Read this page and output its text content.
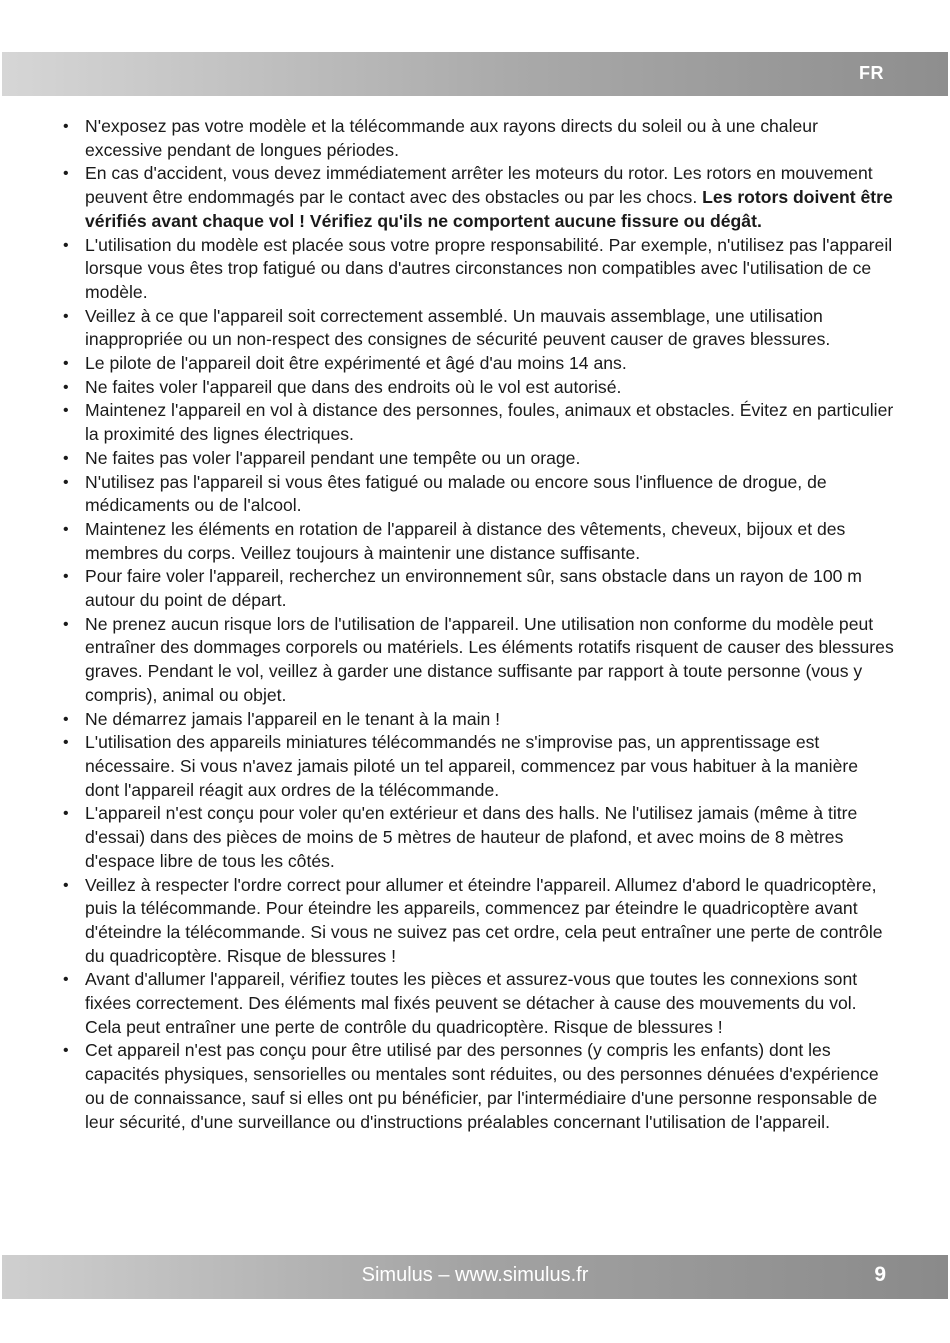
FR
• N'exposez pas votre modèle et la télécommande aux rayons directs du soleil ou à une chaleur excessive pendant de longues périodes.
• En cas d'accident, vous devez immédiatement arrêter les moteurs du rotor. Les rotors en mouvement peuvent être endommagés par le contact avec des obstacles ou par les chocs. Les rotors doivent être vérifiés avant chaque vol ! Vérifiez qu'ils ne comportent aucune fissure ou dégât.
• L'utilisation du modèle est placée sous votre propre responsabilité. Par exemple, n'utilisez pas l'appareil lorsque vous êtes trop fatigué ou dans d'autres circonstances non compatibles avec l'utilisation de ce modèle.
• Veillez à ce que l'appareil soit correctement assemblé. Un mauvais assemblage, une utilisation inappropriée ou un non-respect des consignes de sécurité peuvent causer de graves blessures.
• Le pilote de l'appareil doit être expérimenté et âgé d'au moins 14 ans.
• Ne faites voler l'appareil que dans des endroits où le vol est autorisé.
• Maintenez l'appareil en vol à distance des personnes, foules, animaux et obstacles. Évitez en particulier la proximité des lignes électriques.
• Ne faites pas voler l'appareil pendant une tempête ou un orage.
• N'utilisez pas l'appareil si vous êtes fatigué ou malade ou encore sous l'influence de drogue, de médicaments ou de l'alcool.
• Maintenez les éléments en rotation de l'appareil à distance des vêtements, cheveux, bijoux et des membres du corps. Veillez toujours à maintenir une distance suffisante.
• Pour faire voler l'appareil, recherchez un environnement sûr, sans obstacle dans un rayon de 100 m autour du point de départ.
• Ne prenez aucun risque lors de l'utilisation de l'appareil. Une utilisation non conforme du modèle peut entraîner des dommages corporels ou matériels. Les éléments rotatifs risquent de causer des blessures graves. Pendant le vol, veillez à garder une distance suffisante par rapport à toute personne (vous y compris), animal ou objet.
• Ne démarrez jamais l'appareil en le tenant à la main !
• L'utilisation des appareils miniatures télécommandés ne s'improvise pas, un apprentissage est nécessaire. Si vous n'avez jamais piloté un tel appareil, commencez par vous habituer à la manière dont l'appareil réagit aux ordres de la télécommande.
• L'appareil n'est conçu pour voler qu'en extérieur et dans des halls. Ne l'utilisez jamais (même à titre d'essai) dans des pièces de moins de 5 mètres de hauteur de plafond, et avec moins de 8 mètres d'espace libre de tous les côtés.
• Veillez à respecter l'ordre correct pour allumer et éteindre l'appareil. Allumez d'abord le quadricoptère, puis la télécommande. Pour éteindre les appareils, commencez par éteindre le quadricoptère avant d'éteindre la télécommande. Si vous ne suivez pas cet ordre, cela peut entraîner une perte de contrôle du quadricoptère. Risque de blessures !
• Avant d'allumer l'appareil, vérifiez toutes les pièces et assurez-vous que toutes les connexions sont fixées correctement. Des éléments mal fixés peuvent se détacher à cause des mouvements du vol. Cela peut entraîner une perte de contrôle du quadricoptère. Risque de blessures !
• Cet appareil n'est pas conçu pour être utilisé par des personnes (y compris les enfants) dont les capacités physiques, sensorielles ou mentales sont réduites, ou des personnes dénuées d'expérience ou de connaissance, sauf si elles ont pu bénéficier, par l'intermédiaire d'une personne responsable de leur sécurité, d'une surveillance ou d'instructions préalables concernant l'utilisation de l'appareil.
Simulus – www.simulus.fr	9
